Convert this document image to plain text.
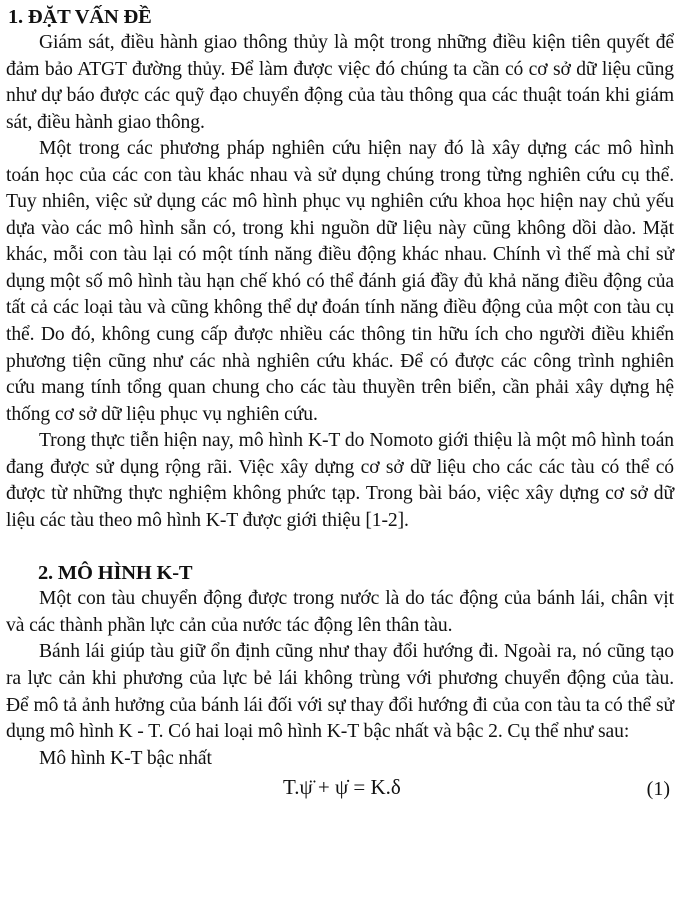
1. ĐẶT VẤN ĐỀ

Giám sát, điều hành giao thông thủy là một trong những điều kiện tiên quyết để đảm bảo ATGT đường thủy. Để làm được việc đó chúng ta cần có cơ sở dữ liệu cũng như dự báo được các quỹ đạo chuyển động của tàu thông qua các thuật toán khi giám sát, điều hành giao thông.

Một trong các phương pháp nghiên cứu hiện nay đó là xây dựng các mô hình toán học của các con tàu khác nhau và sử dụng chúng trong từng nghiên cứu cụ thể. Tuy nhiên, việc sử dụng các mô hình phục vụ nghiên cứu khoa học hiện nay chủ yếu dựa vào các mô hình sẵn có, trong khi nguồn dữ liệu này cũng không dồi dào. Mặt khác, mỗi con tàu lại có một tính năng điều động khác nhau. Chính vì thế mà chỉ sử dụng một số mô hình tàu hạn chế khó có thể đánh giá đầy đủ khả năng điều động của tất cả các loại tàu và cũng không thể dự đoán tính năng điều động của một con tàu cụ thể. Do đó, không cung cấp được nhiều các thông tin hữu ích cho người điều khiển phương tiện cũng như các nhà nghiên cứu khác. Để có được các công trình nghiên cứu mang tính tổng quan chung cho các tàu thuyền trên biển, cần phải xây dựng hệ thống cơ sở dữ liệu phục vụ nghiên cứu.

Trong thực tiễn hiện nay, mô hình K-T do Nomoto giới thiệu là một mô hình toán đang được sử dụng rộng rãi. Việc xây dựng cơ sở dữ liệu cho các các tàu có thể có được từ những thực nghiệm không phức tạp. Trong bài báo, việc xây dựng cơ sở dữ liệu các tàu theo mô hình K-T được giới thiệu [1-2].

2. MÔ HÌNH K-T

Một con tàu chuyển động được trong nước là do tác động của bánh lái, chân vịt và các thành phần lực cản của nước tác động lên thân tàu.

Bánh lái giúp tàu giữ ổn định cũng như thay đổi hướng đi. Ngoài ra, nó cũng tạo ra lực cản khi phương của lực bẻ lái không trùng với phương chuyển động của tàu. Để mô tả ảnh hưởng của bánh lái đối với sự thay đổi hướng đi của con tàu ta có thể sử dụng mô hình K - T. Có hai loại mô hình K-T bậc nhất và bậc 2. Cụ thể như sau:

Mô hình K-T bậc nhất

T.ψ̈ + ψ̇ = K.δ	(1)
